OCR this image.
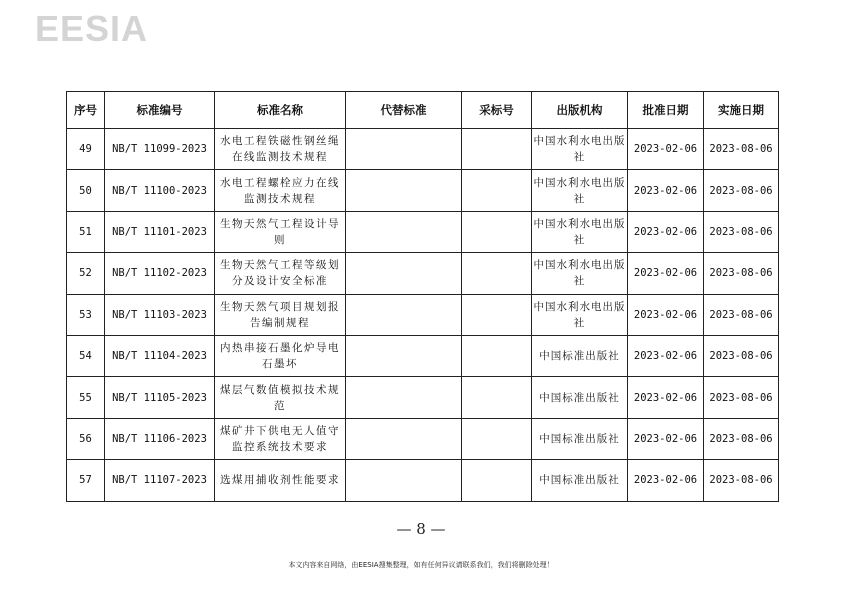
EESIA
序号	标准编号	标准名称	代替标准	采标号	出版机构	批准日期	实施日期
49	NB/T 11099-2023	水电工程铁磁性钢丝绳在线监测技术规程			中国水利水电出版社	2023-02-06	2023-08-06
50	NB/T 11100-2023	水电工程螺栓应力在线监测技术规程			中国水利水电出版社	2023-02-06	2023-08-06
51	NB/T 11101-2023	生物天然气工程设计导则			中国水利水电出版社	2023-02-06	2023-08-06
52	NB/T 11102-2023	生物天然气工程等级划分及设计安全标准			中国水利水电出版社	2023-02-06	2023-08-06
53	NB/T 11103-2023	生物天然气项目规划报告编制规程			中国水利水电出版社	2023-02-06	2023-08-06
54	NB/T 11104-2023	内热串接石墨化炉导电石墨坏			中国标准出版社	2023-02-06	2023-08-06
55	NB/T 11105-2023	煤层气数值模拟技术规范			中国标准出版社	2023-02-06	2023-08-06
56	NB/T 11106-2023	煤矿井下供电无人值守监控系统技术要求			中国标准出版社	2023-02-06	2023-08-06
57	NB/T 11107-2023	选煤用捕收剂性能要求			中国标准出版社	2023-02-06	2023-08-06
— 8 —
本文内容来自网络，由EESIA搜集整理，如有任何异议请联系我们，我们将删除处理！
